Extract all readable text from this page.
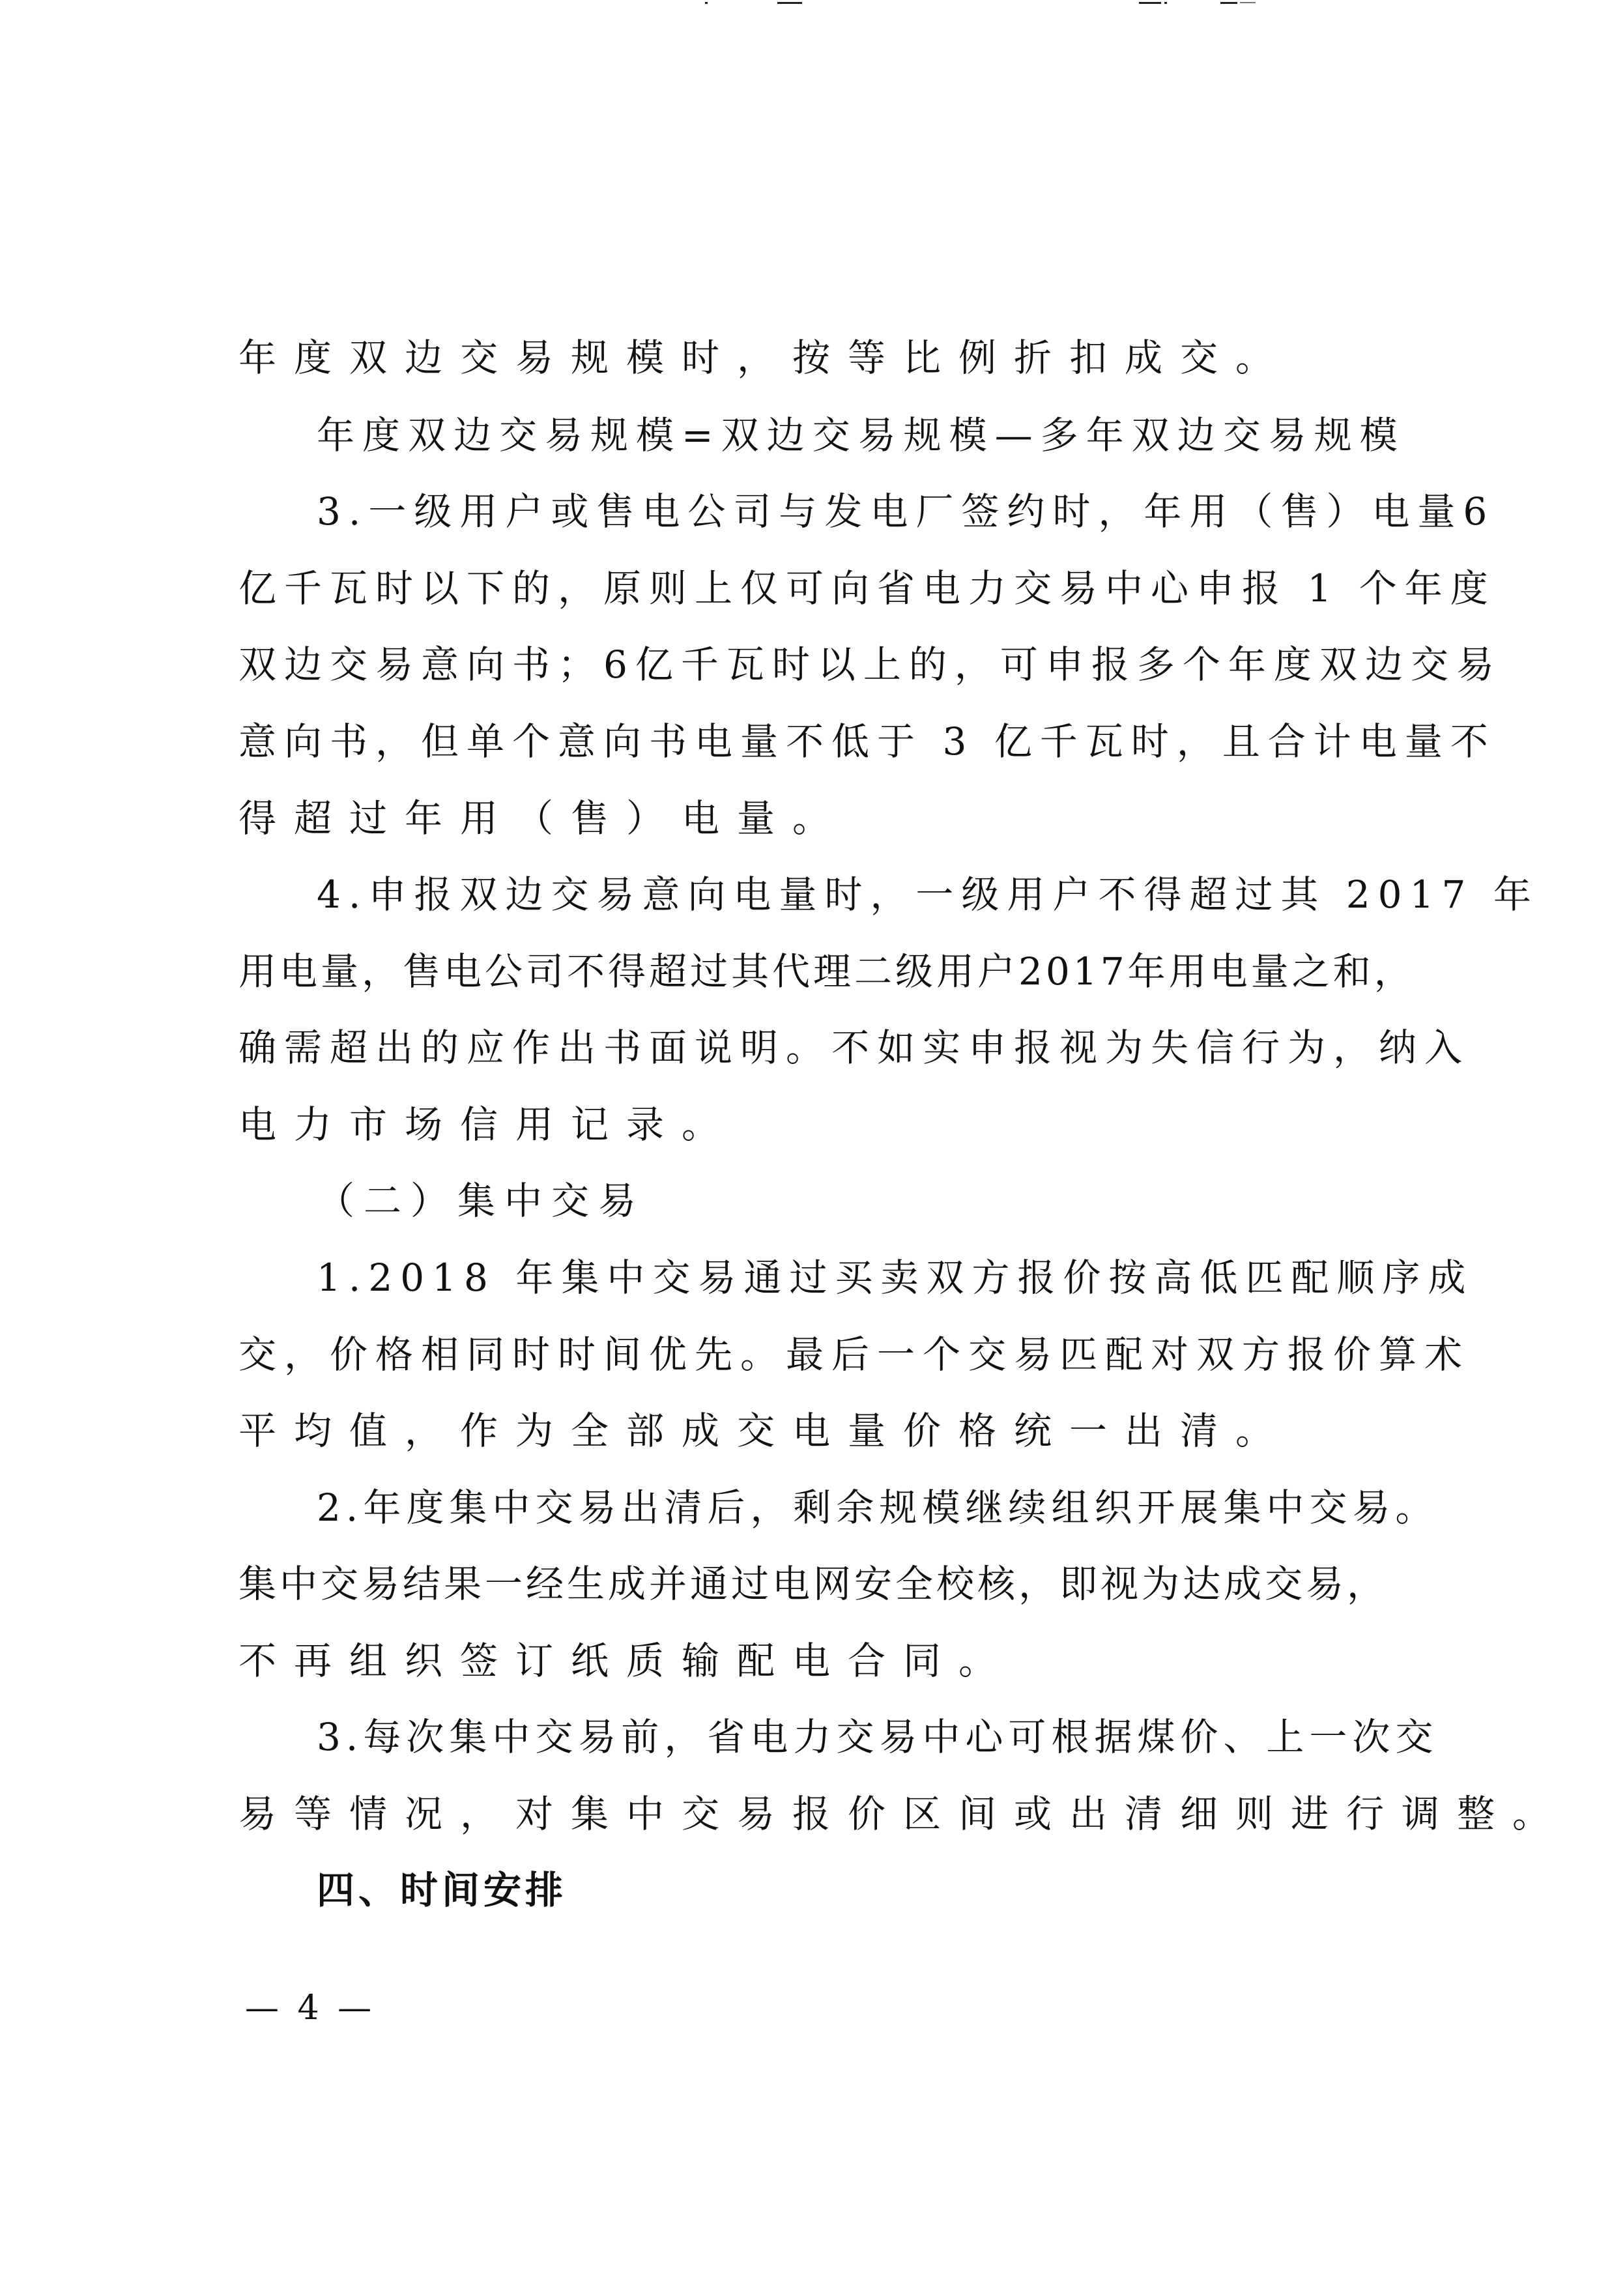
年度双边交易规模时，按等比例折扣成交。
年度双边交易规模=双边交易规模—多年双边交易规模
3.一级用户或售电公司与发电厂签约时，年用（售）电量6
亿千瓦时以下的，原则上仅可向省电力交易中心申报 1 个年度
双边交易意向书；6亿千瓦时以上的，可申报多个年度双边交易
意向书，但单个意向书电量不低于 3 亿千瓦时，且合计电量不
得超过年用（售）电量。
4.申报双边交易意向电量时，一级用户不得超过其 2017 年
用电量，售电公司不得超过其代理二级用户2017年用电量之和，
确需超出的应作出书面说明。不如实申报视为失信行为，纳入
电力市场信用记录。
（二）集中交易
1.2018 年集中交易通过买卖双方报价按高低匹配顺序成
交，价格相同时时间优先。最后一个交易匹配对双方报价算术
平均值，作为全部成交电量价格统一出清。
2.年度集中交易出清后，剩余规模继续组织开展集中交易。
集中交易结果一经生成并通过电网安全校核，即视为达成交易，
不再组织签订纸质输配电合同。
3.每次集中交易前，省电力交易中心可根据煤价、上一次交
易等情况，对集中交易报价区间或出清细则进行调整。
四、时间安排
— 4 —
